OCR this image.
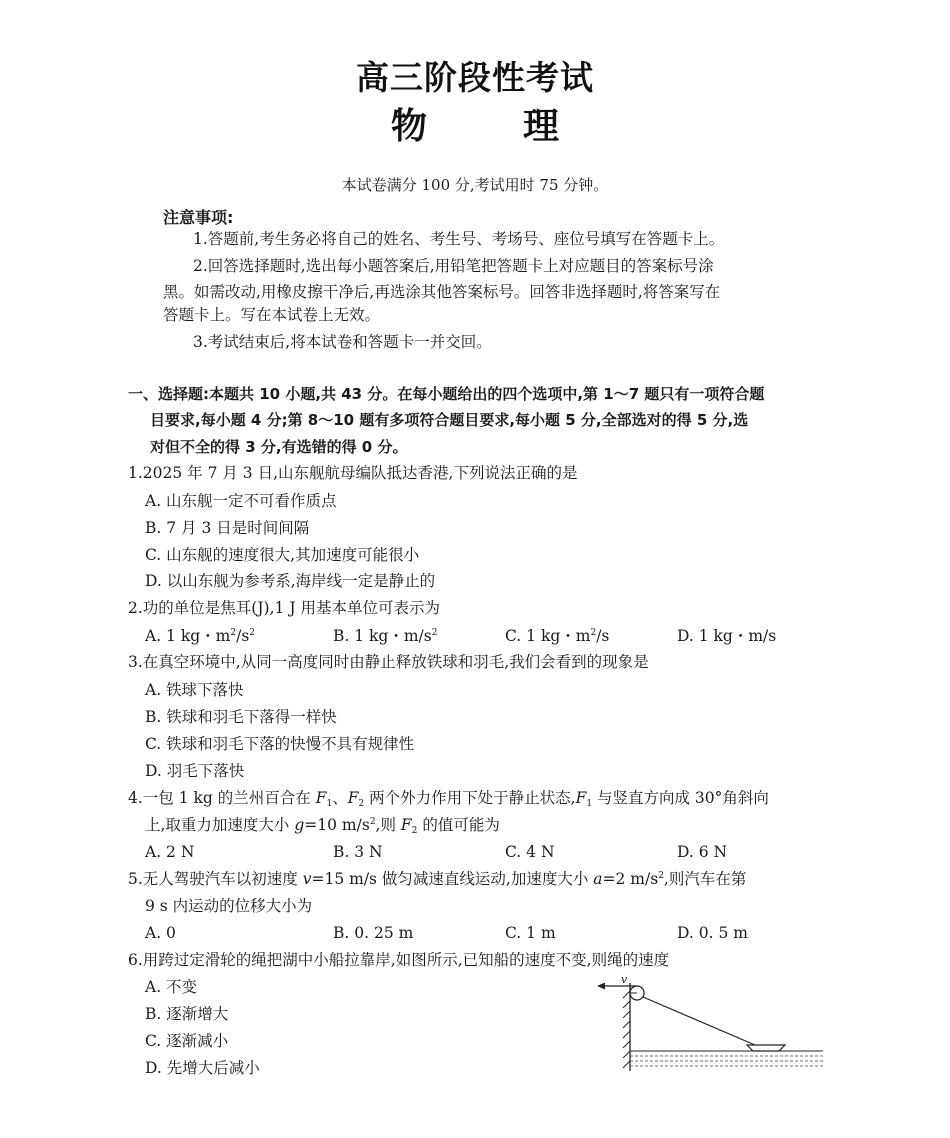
高三阶段性考试
物	理
本试卷满分 100 分,考试用时 75 分钟。
注意事项:
1.答题前,考生务必将自己的姓名、考生号、考场号、座位号填写在答题卡上。
2.回答选择题时,选出每小题答案后,用铅笔把答题卡上对应题目的答案标号涂
黑。如需改动,用橡皮擦干净后,再选涂其他答案标号。回答非选择题时,将答案写在
答题卡上。写在本试卷上无效。
3.考试结束后,将本试卷和答题卡一并交回。
一、选择题:本题共 10 小题,共 43 分。在每小题给出的四个选项中,第 1～7 题只有一项符合题
目要求,每小题 4 分;第 8～10 题有多项符合题目要求,每小题 5 分,全部选对的得 5 分,选
对但不全的得 3 分,有选错的得 0 分。
1.2025 年 7 月 3 日,山东舰航母编队抵达香港,下列说法正确的是
A. 山东舰一定不可看作质点
B. 7 月 3 日是时间间隔
C. 山东舰的速度很大,其加速度可能很小
D. 以山东舰为参考系,海岸线一定是静止的
2.功的单位是焦耳(J),1 J 用基本单位可表示为
A. 1 kg・$m^2/s^2$	B. 1 kg・$m/s^2$	C. 1 kg・$m^2/s$	D. 1 kg・m/s
3.在真空环境中,从同一高度同时由静止释放铁球和羽毛,我们会看到的现象是
A. 铁球下落快
B. 铁球和羽毛下落得一样快
C. 铁球和羽毛下落的快慢不具有规律性
D. 羽毛下落快
4.一包 1 kg 的兰州百合在 $F_1$、$F_2$ 两个外力作用下处于静止状态$,F_1$ 与竖直方向成 30°角斜向
上,取重力加速度大小 g=10 $m/s^2$,则 $F_2$ 的值可能为
A. 2 N	B. 3 N	C. 4 N	D. 6 N
5.无人驾驶汽车以初速度 v=15 m/s 做匀减速直线运动,加速度大小 a=2 $m/s^2$,则汽车在第
9 s 内运动的位移大小为
A. 0	B. 0. 25 m	C. 1 m	D. 0. 5 m
6.用跨过定滑轮的绳把湖中小船拉靠岸,如图所示,已知船的速度不变,则绳的速度
A. 不变
B. 逐渐增大
C. 逐渐减小
D. 先增大后减小
v
